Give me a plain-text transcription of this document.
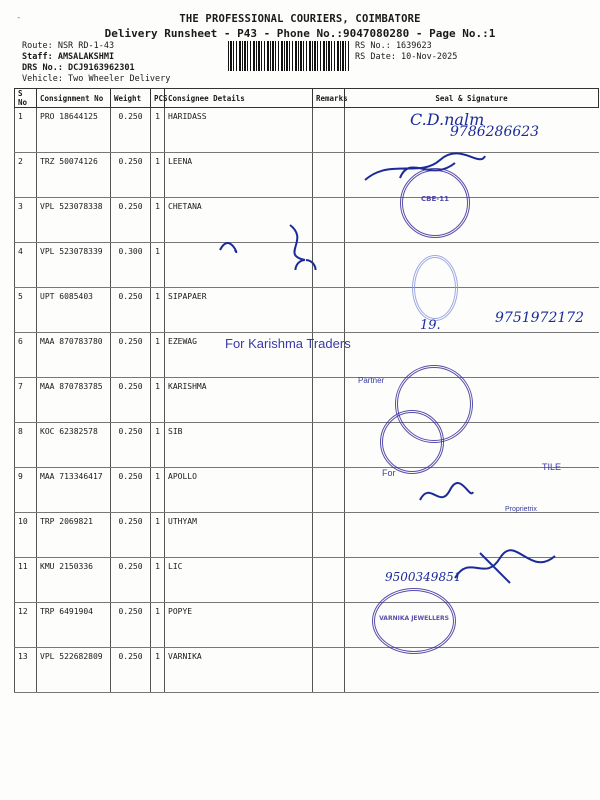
-	THE PROFESSIONAL COURIERS, COIMBATORE
Delivery Runsheet - P43 - Phone No.:9047080280 - Page No.:1
Route: NSR RD-1-43
Staff: AMSALAKSHMI
DRS No.: DCJ9163962301
Vehicle: Two Wheeler Delivery
RS No.: 1639623
RS Date: 10-Nov-2025
S No	Consignment No	Weight	PCS	Consignee Details	Remarks	Seal & Signature
1	PRO 18644125	0.250	1	HARIDASS		
2	TRZ 50074126	0.250	1	LEENA		
3	VPL 523078338	0.250	1	CHETANA		
4	VPL 523078339	0.300	1			
5	UPT 6085403	0.250	1	SIPAPAER		
6	MAA 870783780	0.250	1	EZEWAG		
7	MAA 870783785	0.250	1	KARISHMA		
8	KOC 62382578	0.250	1	SIB		
9	MAA 713346417	0.250	1	APOLLO		
10	TRP 2069821	0.250	1	UTHYAM		
11	KMU 2150336	0.250	1	LIC		
12	TRP 6491904	0.250	1	POPYE		
13	VPL 522682809	0.250	1	VARNIKA		
C.D.nalm
9786286623
CBE-11
19.	9751972172
For Karishma Traders
Partner
For
TILE
Proprietrix
9500349851
VARNIKA JEWELLERS
